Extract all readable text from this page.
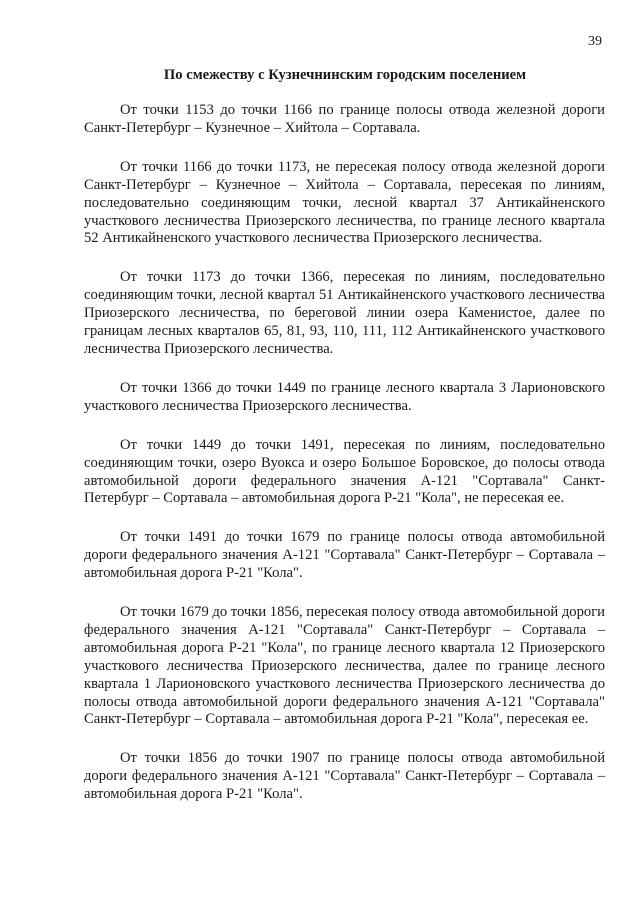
39
По смежеству с Кузнечнинским городским поселением

От точки 1153 до точки 1166 по границе полосы отвода железной дороги Санкт-Петербург – Кузнечное – Хийтола – Сортавала.

От точки 1166 до точки 1173, не пересекая полосу отвода железной дороги Санкт-Петербург – Кузнечное – Хийтола – Сортавала, пересекая по линиям, последовательно соединяющим точки, лесной квартал 37 Антикайненского участкового лесничества Приозерского лесничества, по границе лесного квартала 52 Антикайненского участкового лесничества Приозерского лесничества.

От точки 1173 до точки 1366, пересекая по линиям, последовательно соединяющим точки, лесной квартал 51 Антикайненского участкового лесничества Приозерского лесничества, по береговой линии озера Каменистое, далее по границам лесных кварталов 65, 81, 93, 110, 111, 112 Антикайненского участкового лесничества Приозерского лесничества.

От точки 1366 до точки 1449 по границе лесного квартала 3 Ларионовского участкового лесничества Приозерского лесничества.

От точки 1449 до точки 1491, пересекая по линиям, последовательно соединяющим точки, озеро Вуокса и озеро Большое Боровское, до полосы отвода автомобильной дороги федерального значения А-121 "Сортавала" Санкт-Петербург – Сортавала – автомобильная дорога Р-21 "Кола", не пересекая ее.

От точки 1491 до точки 1679 по границе полосы отвода автомобильной дороги федерального значения А-121 "Сортавала" Санкт-Петербург – Сортавала – автомобильная дорога Р-21 "Кола".

От точки 1679 до точки 1856, пересекая полосу отвода автомобильной дороги федерального значения А-121 "Сортавала" Санкт-Петербург – Сортавала – автомобильная дорога Р-21 "Кола", по границе лесного квартала 12 Приозерского участкового лесничества Приозерского лесничества, далее по границе лесного квартала 1 Ларионовского участкового лесничества Приозерского лесничества до полосы отвода автомобильной дороги федерального значения А-121 "Сортавала" Санкт-Петербург – Сортавала – автомобильная дорога Р-21 "Кола", пересекая ее.

От точки 1856 до точки 1907 по границе полосы отвода автомобильной дороги федерального значения А-121 "Сортавала" Санкт-Петербург – Сортавала – автомобильная дорога Р-21 "Кола".
